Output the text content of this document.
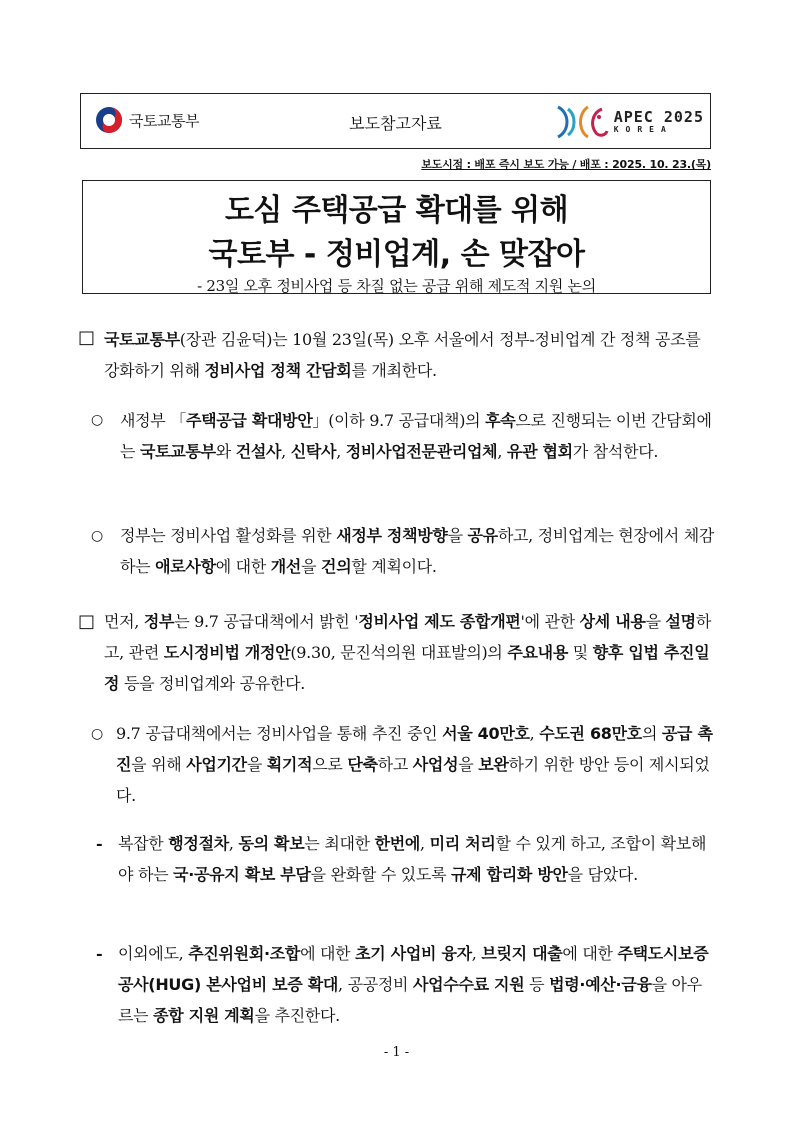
국토교통부	보도참고자료	APEC 2025
KOREA
보도시점 : 배포 즉시 보도 가능 / 배포 : 2025. 10. 23.(목)
도심 주택공급 확대를 위해
국토부 - 정비업계, 손 맞잡아
- 23일 오후 정비사업 등 차질 없는 공급 위해 제도적 지원 논의
□ 국토교통부(장관 김윤덕)는 10월 23일(목) 오후 서울에서 정부-정비업계 간 정책 공조를 강화하기 위해 정비사업 정책 간담회를 개최한다.
○ 새정부 「주택공급 확대방안」(이하 9.7 공급대책)의 후속으로 진행되는 이번 간담회에는 국토교통부와 건설사, 신탁사, 정비사업전문관리업체, 유관 협회가 참석한다.
○ 정부는 정비사업 활성화를 위한 새정부 정책방향을 공유하고, 정비업계는 현장에서 체감하는 애로사항에 대한 개선을 건의할 계획이다.
□ 먼저, 정부는 9.7 공급대책에서 밝힌 '정비사업 제도 종합개편'에 관한 상세 내용을 설명하고, 관련 도시정비법 개정안(9.30, 문진석의원 대표발의)의 주요내용 및 향후 입법 추진일정 등을 정비업계와 공유한다.
○ 9.7 공급대책에서는 정비사업을 통해 추진 중인 서울 40만호, 수도권 68만호의 공급 촉진을 위해 사업기간을 획기적으로 단축하고 사업성을 보완하기 위한 방안 등이 제시되었다.
- 복잡한 행정절차, 동의 확보는 최대한 한번에, 미리 처리할 수 있게 하고, 조합이 확보해야 하는 국·공유지 확보 부담을 완화할 수 있도록 규제 합리화 방안을 담았다.
- 이외에도, 추진위원회·조합에 대한 초기 사업비 융자, 브릿지 대출에 대한 주택도시보증공사(HUG) 본사업비 보증 확대, 공공정비 사업수수료 지원 등 법령·예산·금융을 아우르는 종합 지원 계획을 추진한다.
- 1 -
